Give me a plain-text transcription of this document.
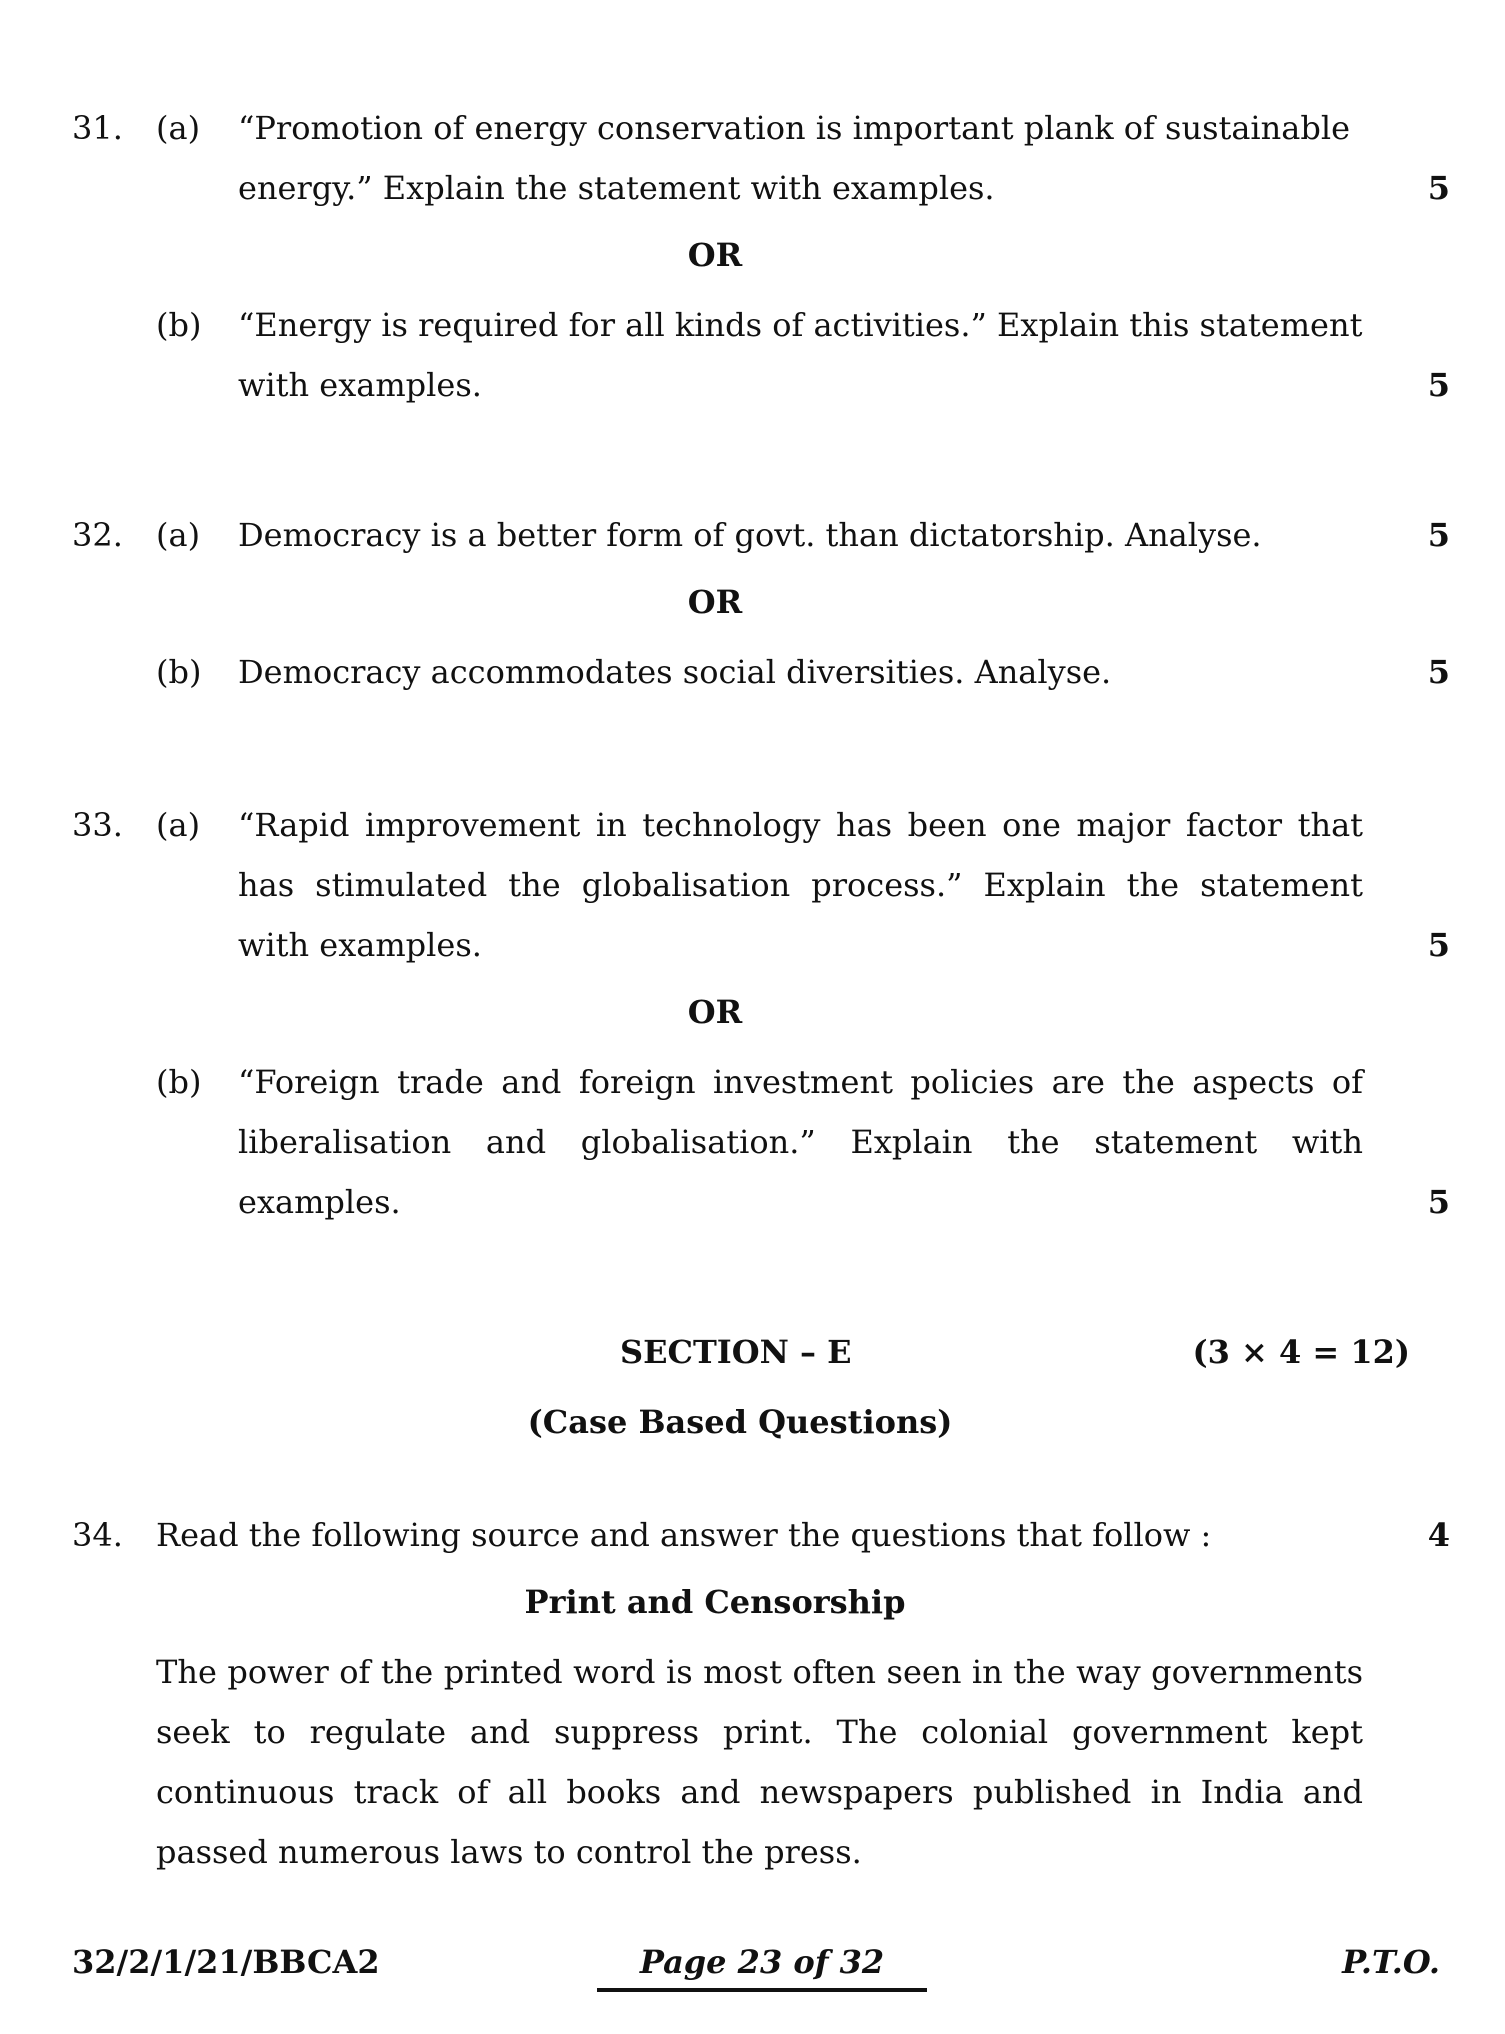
31. (a) “Promotion of energy conservation is important plank of sustainable
energy.” Explain the statement with examples.	5
OR
(b) “Energy is required for all kinds of activities.” Explain this statement
with examples.	5
32. (a) Democracy is a better form of govt. than dictatorship. Analyse.	5
OR
(b) Democracy accommodates social diversities. Analyse.	5
33. (a) “Rapid improvement in technology has been one major factor that has stimulated the globalisation process.” Explain the statement with examples.	5
OR
(b) “Foreign trade and foreign investment policies are the aspects of liberalisation and globalisation.” Explain the statement with examples.	5
SECTION – E	(3 × 4 = 12)
(Case Based Questions)
34. Read the following source and answer the questions that follow :	4
Print and Censorship
The power of the printed word is most often seen in the way governments seek to regulate and suppress print. The colonial government kept continuous track of all books and newspapers published in India and passed numerous laws to control the press.
32/2/1/21/BBCA2	Page 23 of 32	P.T.O.
